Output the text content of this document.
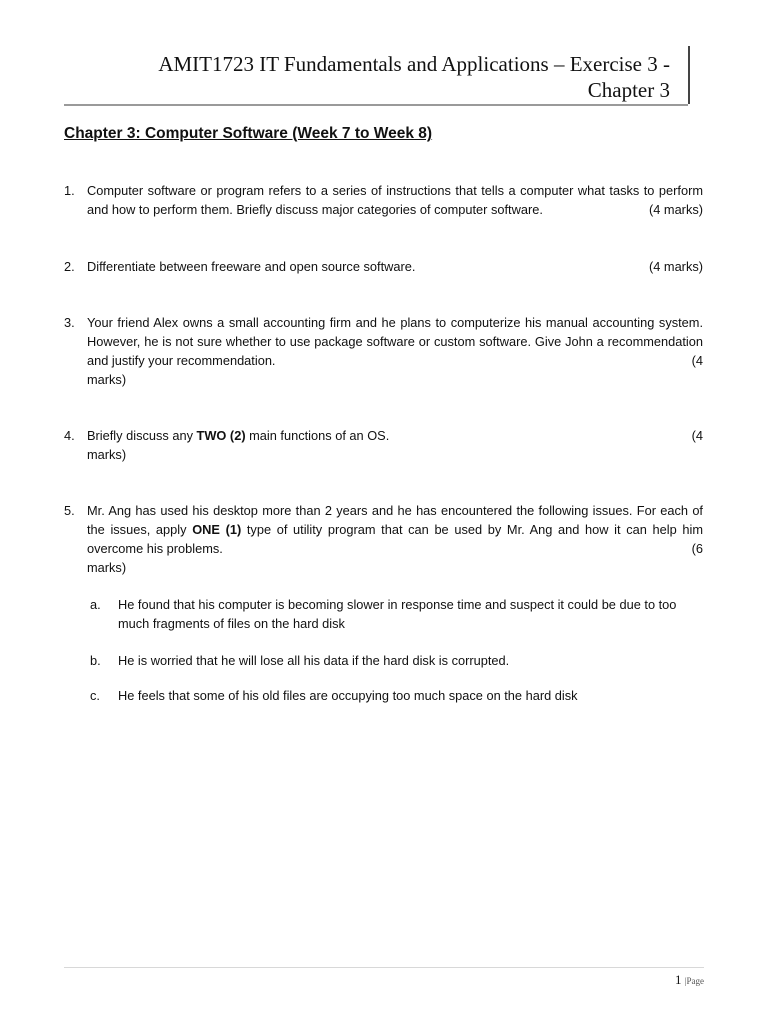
AMIT1723 IT Fundamentals and Applications – Exercise 3 -
Chapter 3
Chapter 3: Computer Software (Week 7 to Week 8)
1. Computer software or program refers to a series of instructions that tells a computer what tasks to perform and how to perform them. Briefly discuss major categories of computer software.	(4 marks)
2. Differentiate between freeware and open source software.	(4 marks)
3. Your friend Alex owns a small accounting firm and he plans to computerize his manual accounting system. However, he is not sure whether to use package software or custom software. Give John a recommendation and justify your recommendation.	(4
marks)
4. Briefly discuss any TWO (2) main functions of an OS.	(4
marks)
5. Mr. Ang has used his desktop more than 2 years and he has encountered the following issues. For each of the issues, apply ONE (1) type of utility program that can be used by Mr. Ang and how it can help him overcome his problems.	(6
marks)
a. He found that his computer is becoming slower in response time and suspect it could be due to too much fragments of files on the hard disk
b. He is worried that he will lose all his data if the hard disk is corrupted.
c. He feels that some of his old files are occupying too much space on the hard disk
1 |Page
